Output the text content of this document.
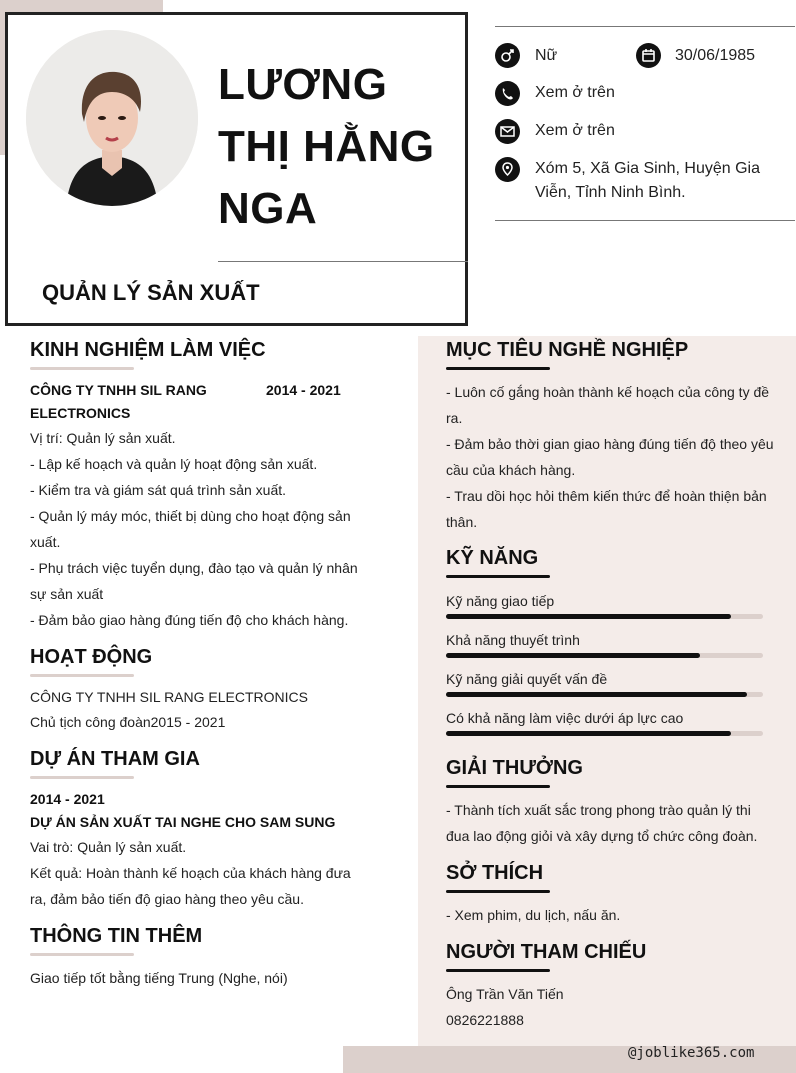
LƯƠNG THỊ HẰNG NGA
QUẢN LÝ SẢN XUẤT
Nữ	30/06/1985
Xem ở trên
Xem ở trên
Xóm 5, Xã Gia Sinh, Huyện Gia
Viễn, Tỉnh Ninh Bình.
KINH NGHIỆM LÀM VIỆC
CÔNG TY TNHH SIL RANG	2014 - 2021
ELECTRONICS
Vị trí: Quản lý sản xuất.
- Lập kế hoạch và quản lý hoạt động sản xuất.
- Kiểm tra và giám sát quá trình sản xuất.
- Quản lý máy móc, thiết bị dùng cho hoạt động sản
xuất.
- Phụ trách việc tuyển dụng, đào tạo và quản lý nhân
sự sản xuất
- Đảm bảo giao hàng đúng tiến độ cho khách hàng.
HOẠT ĐỘNG
CÔNG TY TNHH SIL RANG ELECTRONICS
Chủ tịch công đoàn2015 - 2021
DỰ ÁN THAM GIA
2014 - 2021
DỰ ÁN SẢN XUẤT TAI NGHE CHO SAM SUNG
Vai trò: Quản lý sản xuất.
Kết quả: Hoàn thành kế hoạch của khách hàng đưa
ra, đảm bảo tiến độ giao hàng theo yêu cầu.
THÔNG TIN THÊM
Giao tiếp tốt bằng tiếng Trung (Nghe, nói)
MỤC TIÊU NGHỀ NGHIỆP
- Luôn cố gắng hoàn thành kế hoạch của công ty đề
ra.
- Đảm bảo thời gian giao hàng đúng tiến độ theo yêu
cầu của khách hàng.
- Trau dồi học hỏi thêm kiến thức để hoàn thiện bản
thân.
KỸ NĂNG
Kỹ năng giao tiếp
Khả năng thuyết trình
Kỹ năng giải quyết vấn đề
Có khả năng làm việc dưới áp lực cao
GIẢI THƯỞNG
- Thành tích xuất sắc trong phong trào quản lý thi
đua lao động giỏi và xây dựng tổ chức công đoàn.
SỞ THÍCH
- Xem phim, du lịch, nấu ăn.
NGƯỜI THAM CHIẾU
Ông Trần Văn Tiến
0826221888
@joblike365.com
